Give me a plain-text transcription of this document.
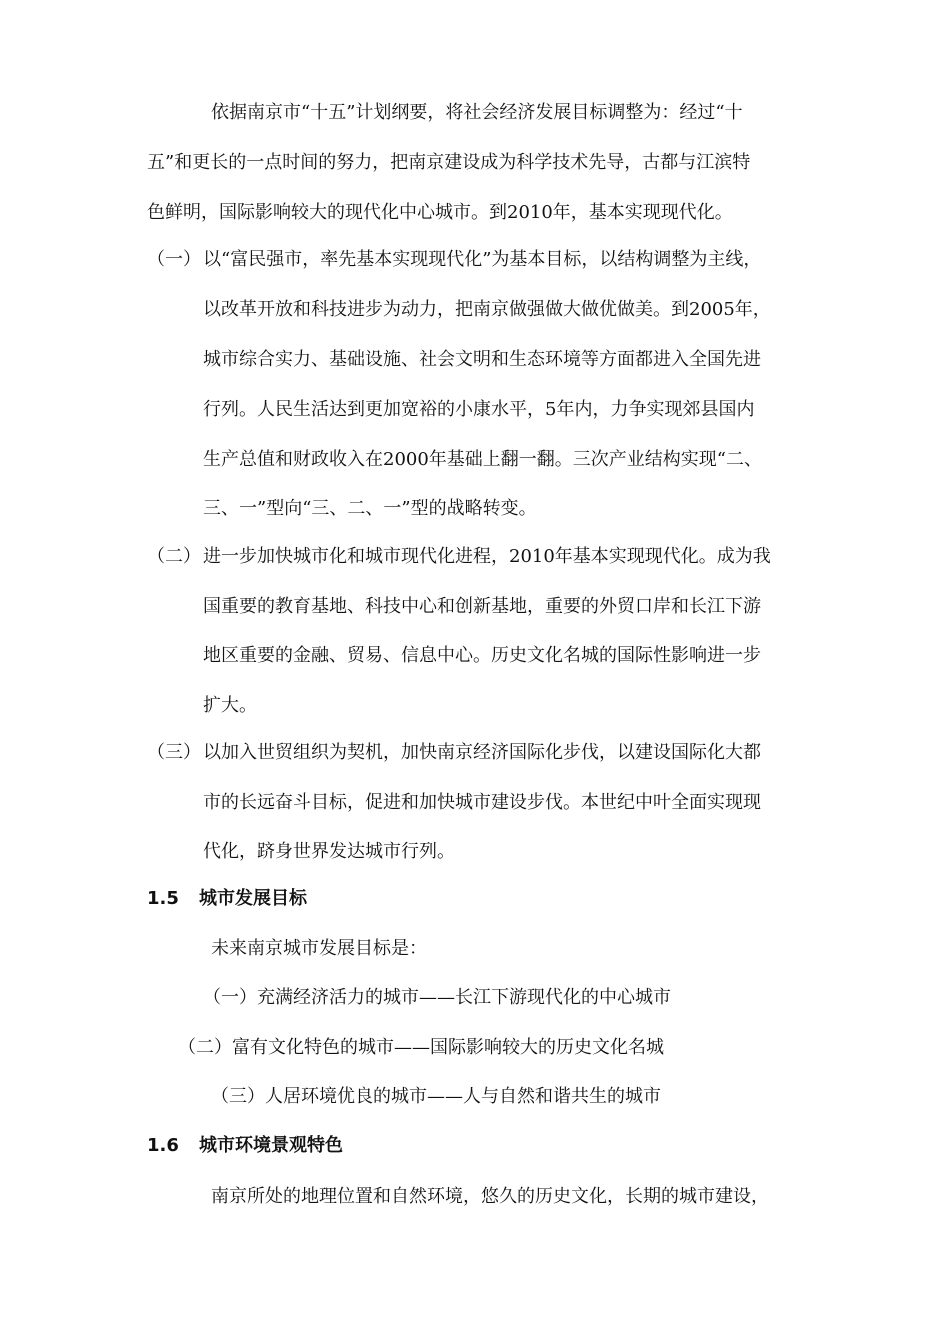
依据南京市“十五”计划纲要，将社会经济发展目标调整为：经过“十
五”和更长的一点时间的努力，把南京建设成为科学技术先导，古都与江滨特
色鲜明，国际影响较大的现代化中心城市。到2010年，基本实现现代化。
（一） 以“富民强市，率先基本实现现代化”为基本目标，以结构调整为主线，
以改革开放和科技进步为动力，把南京做强做大做优做美。到2005年，
城市综合实力、基础设施、社会文明和生态环境等方面都进入全国先进
行列。人民生活达到更加宽裕的小康水平，5年内，力争实现郊县国内
生产总值和财政收入在2000年基础上翻一翻。三次产业结构实现“二、
三、一”型向“三、二、一”型的战略转变。
（二） 进一步加快城市化和城市现代化进程，2010年基本实现现代化。成为我
国重要的教育基地、科技中心和创新基地，重要的外贸口岸和长江下游
地区重要的金融、贸易、信息中心。历史文化名城的国际性影响进一步
扩大。
（三） 以加入世贸组织为契机，加快南京经济国际化步伐，以建设国际化大都
市的长远奋斗目标，促进和加快城市建设步伐。本世纪中叶全面实现现
代化，跻身世界发达城市行列。
1.5 城市发展目标
未来南京城市发展目标是：
（一）充满经济活力的城市——长江下游现代化的中心城市
（二）富有文化特色的城市——国际影响较大的历史文化名城
（三）人居环境优良的城市——人与自然和谐共生的城市
1.6 城市环境景观特色
南京所处的地理位置和自然环境，悠久的历史文化，长期的城市建设，
